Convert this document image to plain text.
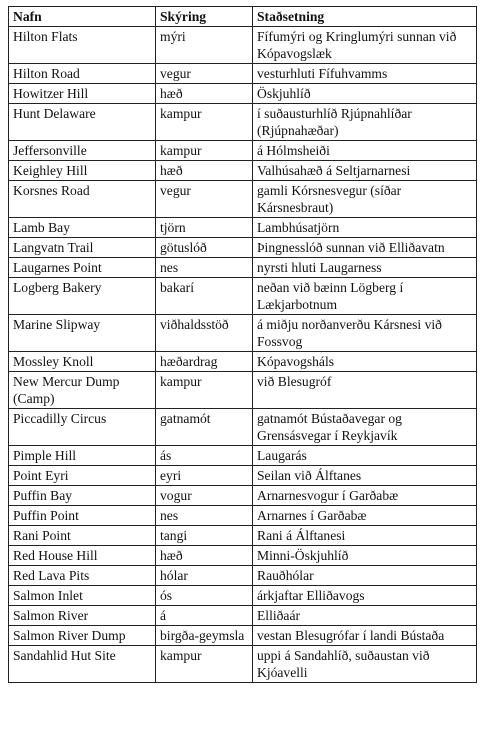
Nafn	Skýring	Staðsetning
Hilton Flats	mýri	Fífumýri og Kringlumýri sunnan við Kópavogslæk
Hilton Road	vegur	vesturhluti Fífuhvamms
Howitzer Hill	hæð	Öskjuhlíð
Hunt Delaware	kampur	í suðausturhlíð Rjúpnahlíðar (Rjúpnahæðar)
Jeffersonville	kampur	á Hólmsheiði
Keighley Hill	hæð	Valhúsahæð á Seltjarnarnesi
Korsnes Road	vegur	gamli Kórsnesvegur (síðar Kársnesbraut)
Lamb Bay	tjörn	Lambhúsatjörn
Langvatn Trail	götuslóð	Þingnesslóð sunnan við Elliðavatn
Laugarnes Point	nes	nyrsti hluti Laugarness
Logberg Bakery	bakarí	neðan við bæinn Lögberg í Lækjarbotnum
Marine Slipway	viðhaldsstöð	á miðju norðanverðu Kársnesi við Fossvog
Mossley Knoll	hæðardrag	Kópavogsháls
New Mercur Dump (Camp)	kampur	við Blesugróf
Piccadilly Circus	gatnamót	gatnamót Bústaðavegar og Grensásvegar í Reykjavík
Pimple Hill	ás	Laugarás
Point Eyri	eyri	Seilan við Álftanes
Puffin Bay	vogur	Arnarnesvogur í Garðabæ
Puffin Point	nes	Arnarnes í Garðabæ
Rani Point	tangi	Rani á Álftanesi
Red House Hill	hæð	Minni-Öskjuhlíð
Red Lava Pits	hólar	Rauðhólar
Salmon Inlet	ós	árkjaftar Elliðavogs
Salmon River	á	Elliðaár
Salmon River Dump	birgða-geymsla	vestan Blesugrófar í landi Bústaða
Sandahlid Hut Site	kampur	uppi á Sandahlíð, suðaustan við Kjóavelli
